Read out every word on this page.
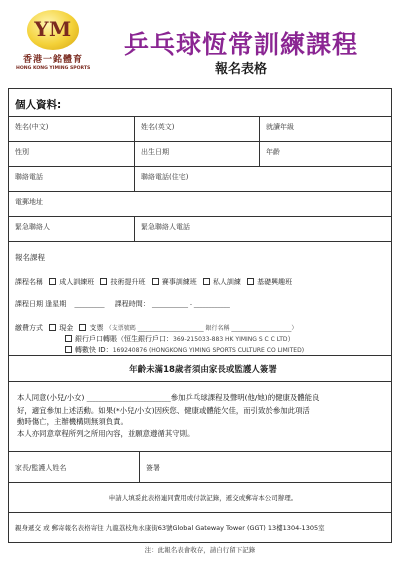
YM
香港一銘體育
HONG KONG YIMING SPORTS
乒乓球恆常訓練課程
報名表格
個人資料:
姓名(中文)	姓名(英文)	就讀年級
性別	出生日期	年齡
聯絡電話	聯絡電話(住宅)
電郵地址
緊急聯絡人	緊急聯絡人電話
報名課程
課程名稱 成人訓練班 技術提升班 賽事訓練班 私人訓練 基礎興趣班
課程日期 逢星期 __________ 課程時間： ____________ - ____________
繳費方式 現金 支票 （支票號碼 ______________________ 銀行名稱 ____________________）
銀行戶口轉賬（恒生銀行戶口：369-215033-883 HK YIMING S C C LTD）
轉數快 ID：169240876 (HONGKONG YIMING SPORTS CULTURE CO LIMITED)
年齡未滿18歲者須由家長或監護人簽署
本人同意(小兒/小女) ____________________________參加乒乓球課程及聲明(他/她)的健康及體能良
好，適宜參加上述活動。如果(*小兒/小女)因疾您、健康或體能欠佳，而引致於參加此項活
動時傷亡，主辦機構則無須負責。
本人亦同意章程所列之所用內容，並願意遵循其守則。
家長/監護人姓名	簽署
申請人填妥此表格連同費用或付款記錄，遞交或郵寄本公司辦理。
親身遞交 或 郵寄報名表格寄往 九龍荔枝角永康街63號Global Gateway Tower (GGT) 13樓1304-1305室
注：此報名表會收存，請自行留下記錄
